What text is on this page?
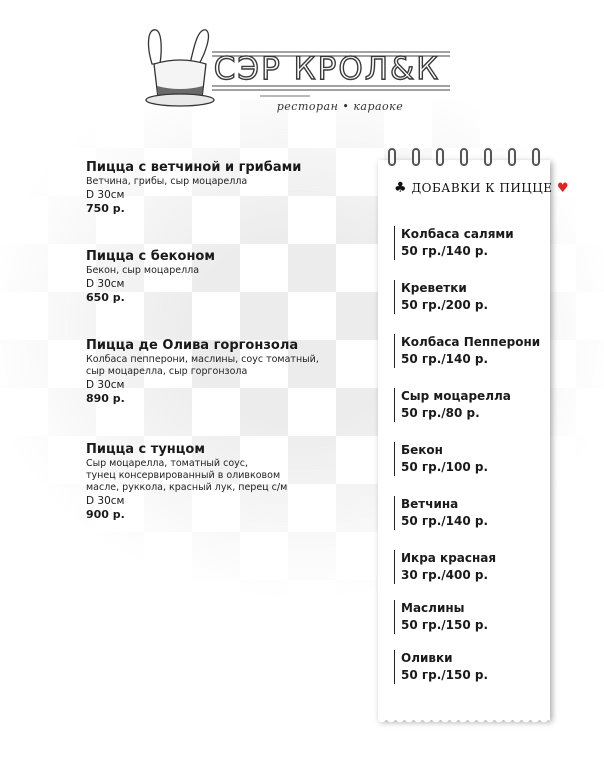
СЭР КРОЛ&К
ресторан • караоке
Пицца с ветчиной и грибами
Ветчина, грибы, сыр моцарелла
D 30см
750 р.
Пицца с беконом
Бекон, сыр моцарелла
D 30см
650 р.
Пицца де Олива горгонзола
Колбаса пепперони, маслины, соус томатный,
сыр моцарелла, сыр горгонзола
D 30см
890 р.
Пицца с тунцом
Сыр моцарелла, томатный соус,
тунец консервированный в оливковом
масле, руккола, красный лук, перец с/м
D 30см
900 р.
♣ ДОБАВКИ К ПИЦЦЕ ♥
Колбаса салями
50 гр./140 р.
Креветки
50 гр./200 р.
Колбаса Пепперони
50 гр./140 р.
Сыр моцарелла
50 гр./80 р.
Бекон
50 гр./100 р.
Ветчина
50 гр./140 р.
Икра красная
30 гр./400 р.
Маслины
50 гр./150 р.
Оливки
50 гр./150 р.
